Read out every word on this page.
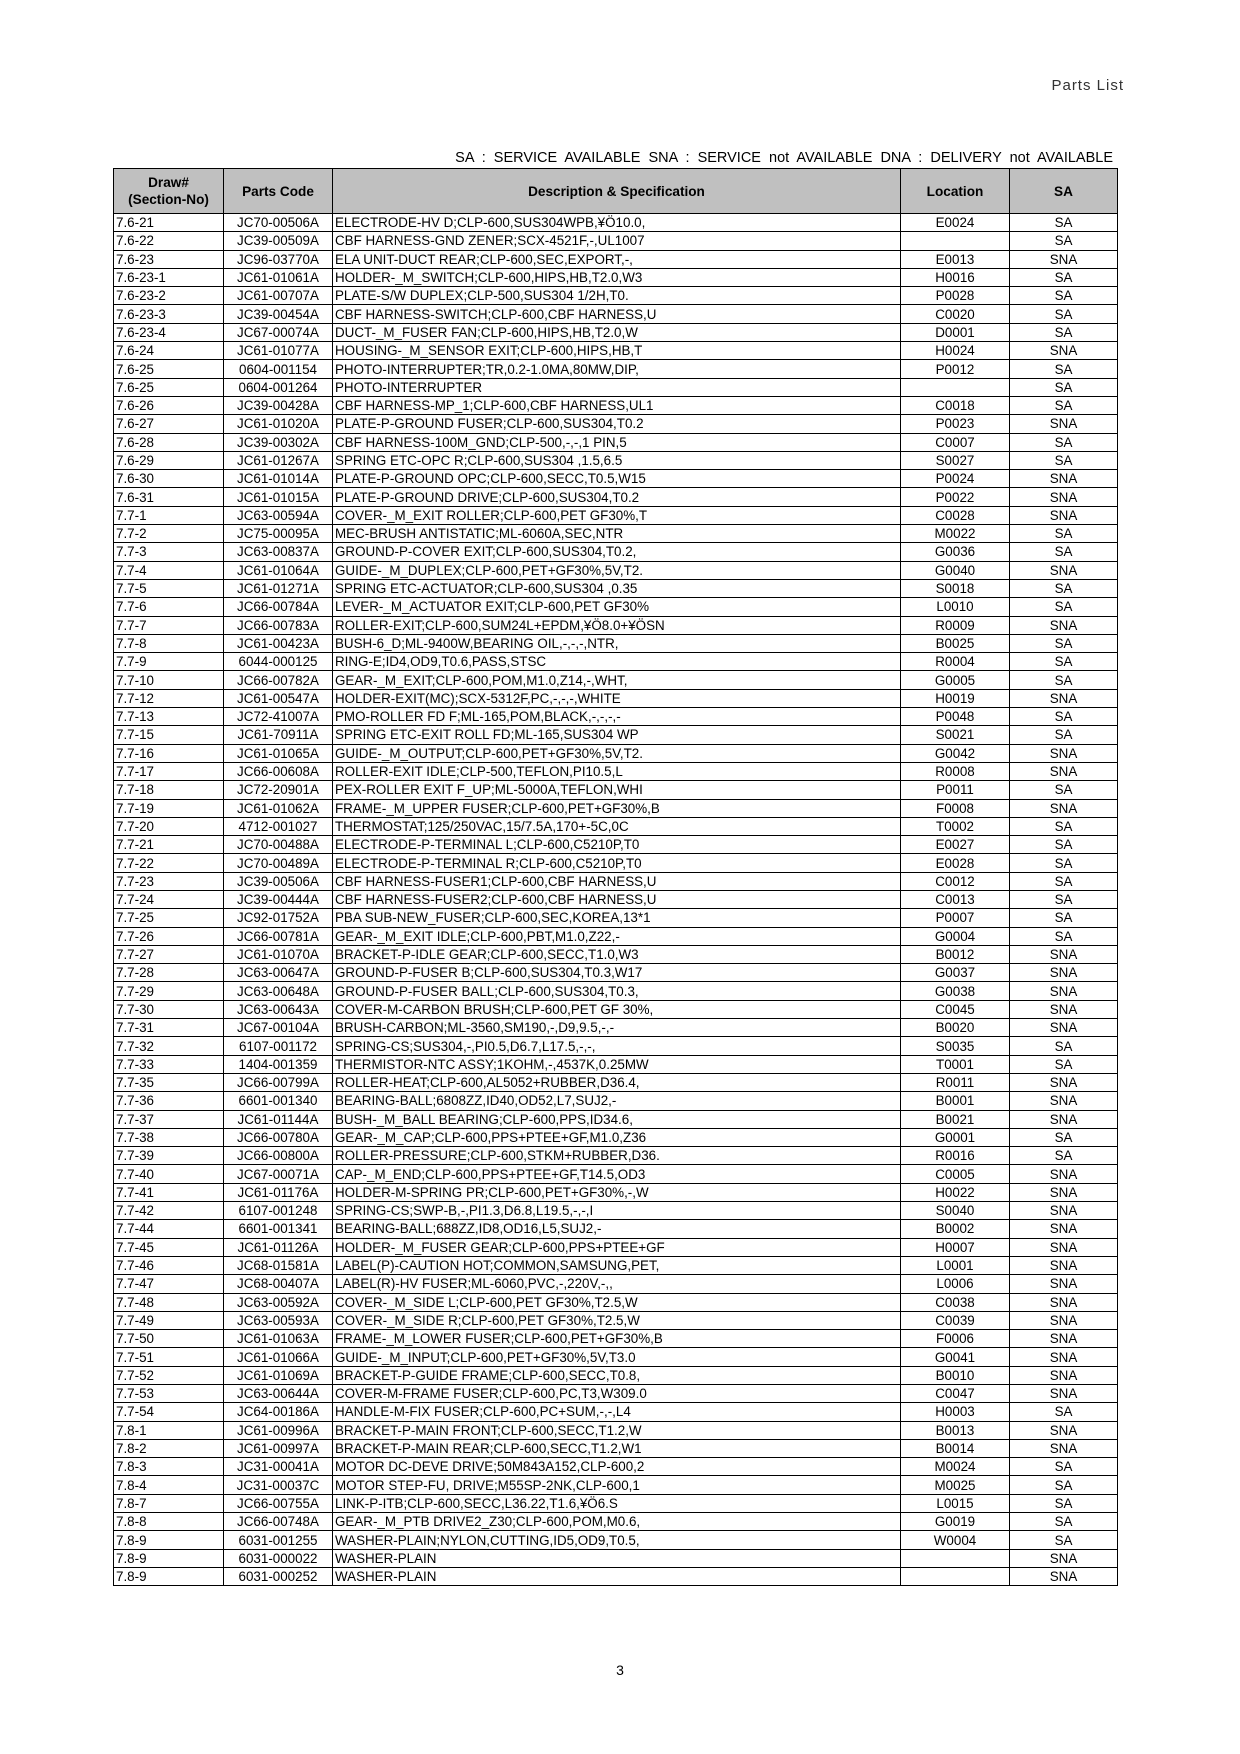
Parts List
SA : SERVICE AVAILABLE SNA : SERVICE not AVAILABLE DNA : DELIVERY not AVAILABLE
Draw#
(Section-No)	Parts Code	Description & Specification	Location	SA
7.6-21	JC70-00506A	ELECTRODE-HV D;CLP-600,SUS304WPB,¥Ö10.0,	E0024	SA
7.6-22	JC39-00509A	CBF HARNESS-GND ZENER;SCX-4521F,-,UL1007		SA
7.6-23	JC96-03770A	ELA UNIT-DUCT REAR;CLP-600,SEC,EXPORT,-,	E0013	SNA
7.6-23-1	JC61-01061A	HOLDER-_M_SWITCH;CLP-600,HIPS,HB,T2.0,W3	H0016	SA
7.6-23-2	JC61-00707A	PLATE-S/W DUPLEX;CLP-500,SUS304 1/2H,T0.	P0028	SA
7.6-23-3	JC39-00454A	CBF HARNESS-SWITCH;CLP-600,CBF HARNESS,U	C0020	SA
7.6-23-4	JC67-00074A	DUCT-_M_FUSER FAN;CLP-600,HIPS,HB,T2.0,W	D0001	SA
7.6-24	JC61-01077A	HOUSING-_M_SENSOR EXIT;CLP-600,HIPS,HB,T	H0024	SNA
7.6-25	0604-001154	PHOTO-INTERRUPTER;TR,0.2-1.0MA,80MW,DIP,	P0012	SA
7.6-25	0604-001264	PHOTO-INTERRUPTER		SA
7.6-26	JC39-00428A	CBF HARNESS-MP_1;CLP-600,CBF HARNESS,UL1	C0018	SA
7.6-27	JC61-01020A	PLATE-P-GROUND FUSER;CLP-600,SUS304,T0.2	P0023	SNA
7.6-28	JC39-00302A	CBF HARNESS-100M_GND;CLP-500,-,-,1 PIN,5	C0007	SA
7.6-29	JC61-01267A	SPRING ETC-OPC R;CLP-600,SUS304 ,1.5,6.5	S0027	SA
7.6-30	JC61-01014A	PLATE-P-GROUND OPC;CLP-600,SECC,T0.5,W15	P0024	SNA
7.6-31	JC61-01015A	PLATE-P-GROUND DRIVE;CLP-600,SUS304,T0.2	P0022	SNA
7.7-1	JC63-00594A	COVER-_M_EXIT ROLLER;CLP-600,PET GF30%,T	C0028	SNA
7.7-2	JC75-00095A	MEC-BRUSH ANTISTATIC;ML-6060A,SEC,NTR	M0022	SA
7.7-3	JC63-00837A	GROUND-P-COVER EXIT;CLP-600,SUS304,T0.2,	G0036	SA
7.7-4	JC61-01064A	GUIDE-_M_DUPLEX;CLP-600,PET+GF30%,5V,T2.	G0040	SNA
7.7-5	JC61-01271A	SPRING ETC-ACTUATOR;CLP-600,SUS304 ,0.35	S0018	SA
7.7-6	JC66-00784A	LEVER-_M_ACTUATOR EXIT;CLP-600,PET GF30%	L0010	SA
7.7-7	JC66-00783A	ROLLER-EXIT;CLP-600,SUM24L+EPDM,¥Ö8.0+¥ÖSN	R0009	SNA
7.7-8	JC61-00423A	BUSH-6_D;ML-9400W,BEARING OIL,-,-,-,NTR,	B0025	SA
7.7-9	6044-000125	RING-E;ID4,OD9,T0.6,PASS,STSC	R0004	SA
7.7-10	JC66-00782A	GEAR-_M_EXIT;CLP-600,POM,M1.0,Z14,-,WHT,	G0005	SA
7.7-12	JC61-00547A	HOLDER-EXIT(MC);SCX-5312F,PC,-,-,-,WHITE	H0019	SNA
7.7-13	JC72-41007A	PMO-ROLLER FD F;ML-165,POM,BLACK,-,-,-,-	P0048	SA
7.7-15	JC61-70911A	SPRING ETC-EXIT ROLL FD;ML-165,SUS304 WP	S0021	SA
7.7-16	JC61-01065A	GUIDE-_M_OUTPUT;CLP-600,PET+GF30%,5V,T2.	G0042	SNA
7.7-17	JC66-00608A	ROLLER-EXIT IDLE;CLP-500,TEFLON,PI10.5,L	R0008	SNA
7.7-18	JC72-20901A	PEX-ROLLER EXIT F_UP;ML-5000A,TEFLON,WHI	P0011	SA
7.7-19	JC61-01062A	FRAME-_M_UPPER FUSER;CLP-600,PET+GF30%,B	F0008	SNA
7.7-20	4712-001027	THERMOSTAT;125/250VAC,15/7.5A,170+-5C,0C	T0002	SA
7.7-21	JC70-00488A	ELECTRODE-P-TERMINAL L;CLP-600,C5210P,T0	E0027	SA
7.7-22	JC70-00489A	ELECTRODE-P-TERMINAL R;CLP-600,C5210P,T0	E0028	SA
7.7-23	JC39-00506A	CBF HARNESS-FUSER1;CLP-600,CBF HARNESS,U	C0012	SA
7.7-24	JC39-00444A	CBF HARNESS-FUSER2;CLP-600,CBF HARNESS,U	C0013	SA
7.7-25	JC92-01752A	PBA SUB-NEW_FUSER;CLP-600,SEC,KOREA,13*1	P0007	SA
7.7-26	JC66-00781A	GEAR-_M_EXIT IDLE;CLP-600,PBT,M1.0,Z22,-	G0004	SA
7.7-27	JC61-01070A	BRACKET-P-IDLE GEAR;CLP-600,SECC,T1.0,W3	B0012	SNA
7.7-28	JC63-00647A	GROUND-P-FUSER B;CLP-600,SUS304,T0.3,W17	G0037	SNA
7.7-29	JC63-00648A	GROUND-P-FUSER BALL;CLP-600,SUS304,T0.3,	G0038	SNA
7.7-30	JC63-00643A	COVER-M-CARBON BRUSH;CLP-600,PET GF 30%,	C0045	SNA
7.7-31	JC67-00104A	BRUSH-CARBON;ML-3560,SM190,-,D9,9.5,-,-	B0020	SNA
7.7-32	6107-001172	SPRING-CS;SUS304,-,PI0.5,D6.7,L17.5,-,-,	S0035	SA
7.7-33	1404-001359	THERMISTOR-NTC ASSY;1KOHM,-,4537K,0.25MW	T0001	SA
7.7-35	JC66-00799A	ROLLER-HEAT;CLP-600,AL5052+RUBBER,D36.4,	R0011	SNA
7.7-36	6601-001340	BEARING-BALL;6808ZZ,ID40,OD52,L7,SUJ2,-	B0001	SNA
7.7-37	JC61-01144A	BUSH-_M_BALL BEARING;CLP-600,PPS,ID34.6,	B0021	SNA
7.7-38	JC66-00780A	GEAR-_M_CAP;CLP-600,PPS+PTEE+GF,M1.0,Z36	G0001	SA
7.7-39	JC66-00800A	ROLLER-PRESSURE;CLP-600,STKM+RUBBER,D36.	R0016	SA
7.7-40	JC67-00071A	CAP-_M_END;CLP-600,PPS+PTEE+GF,T14.5,OD3	C0005	SNA
7.7-41	JC61-01176A	HOLDER-M-SPRING PR;CLP-600,PET+GF30%,-,W	H0022	SNA
7.7-42	6107-001248	SPRING-CS;SWP-B,-,PI1.3,D6.8,L19.5,-,-,I	S0040	SNA
7.7-44	6601-001341	BEARING-BALL;688ZZ,ID8,OD16,L5,SUJ2,-	B0002	SNA
7.7-45	JC61-01126A	HOLDER-_M_FUSER GEAR;CLP-600,PPS+PTEE+GF	H0007	SNA
7.7-46	JC68-01581A	LABEL(P)-CAUTION HOT;COMMON,SAMSUNG,PET,	L0001	SNA
7.7-47	JC68-00407A	LABEL(R)-HV FUSER;ML-6060,PVC,-,220V,-,,	L0006	SNA
7.7-48	JC63-00592A	COVER-_M_SIDE L;CLP-600,PET GF30%,T2.5,W	C0038	SNA
7.7-49	JC63-00593A	COVER-_M_SIDE R;CLP-600,PET GF30%,T2.5,W	C0039	SNA
7.7-50	JC61-01063A	FRAME-_M_LOWER FUSER;CLP-600,PET+GF30%,B	F0006	SNA
7.7-51	JC61-01066A	GUIDE-_M_INPUT;CLP-600,PET+GF30%,5V,T3.0	G0041	SNA
7.7-52	JC61-01069A	BRACKET-P-GUIDE FRAME;CLP-600,SECC,T0.8,	B0010	SNA
7.7-53	JC63-00644A	COVER-M-FRAME FUSER;CLP-600,PC,T3,W309.0	C0047	SNA
7.7-54	JC64-00186A	HANDLE-M-FIX FUSER;CLP-600,PC+SUM,-,-,L4	H0003	SA
7.8-1	JC61-00996A	BRACKET-P-MAIN FRONT;CLP-600,SECC,T1.2,W	B0013	SNA
7.8-2	JC61-00997A	BRACKET-P-MAIN REAR;CLP-600,SECC,T1.2,W1	B0014	SNA
7.8-3	JC31-00041A	MOTOR DC-DEVE DRIVE;50M843A152,CLP-600,2	M0024	SA
7.8-4	JC31-00037C	MOTOR STEP-FU, DRIVE;M55SP-2NK,CLP-600,1	M0025	SA
7.8-7	JC66-00755A	LINK-P-ITB;CLP-600,SECC,L36.22,T1.6,¥Ö6.S	L0015	SA
7.8-8	JC66-00748A	GEAR-_M_PTB DRIVE2_Z30;CLP-600,POM,M0.6,	G0019	SA
7.8-9	6031-001255	WASHER-PLAIN;NYLON,CUTTING,ID5,OD9,T0.5,	W0004	SA
7.8-9	6031-000022	WASHER-PLAIN		SNA
7.8-9	6031-000252	WASHER-PLAIN		SNA
3
